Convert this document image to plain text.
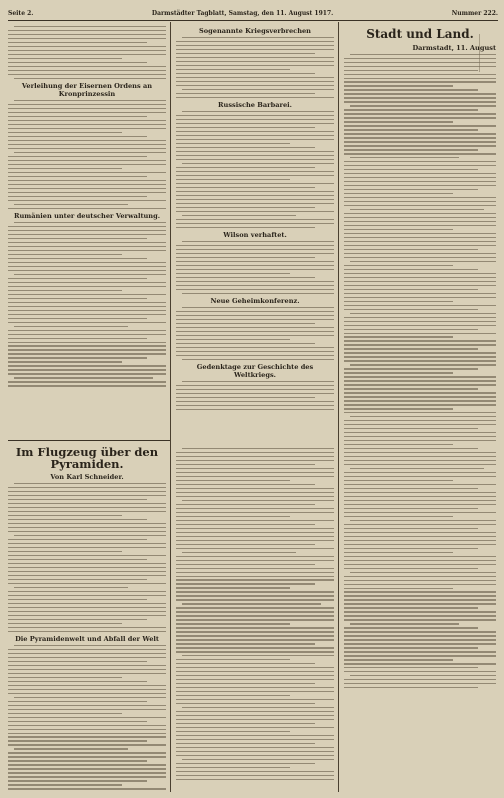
Seite 2.	Darmstädter Tagblatt, Samstag, den 11. August 1917.	Nummer 222.
Verleihung der Eisernen Ordens an Kronprinzessin
Rumänien unter deutscher Verwaltung.
Sogenannte Kriegsverbrechen
Russische Barbarei.
Wilson verhaftet.
Neue Geheimkonferenz.
Gedenktage zur Geschichte des Weltkriegs.
Stadt und Land.
Darmstadt, 11. August
Im Flugzeug über den Pyramiden.
Von Karl Schneider.
Die Pyramidenwelt und Abfall der Welt
